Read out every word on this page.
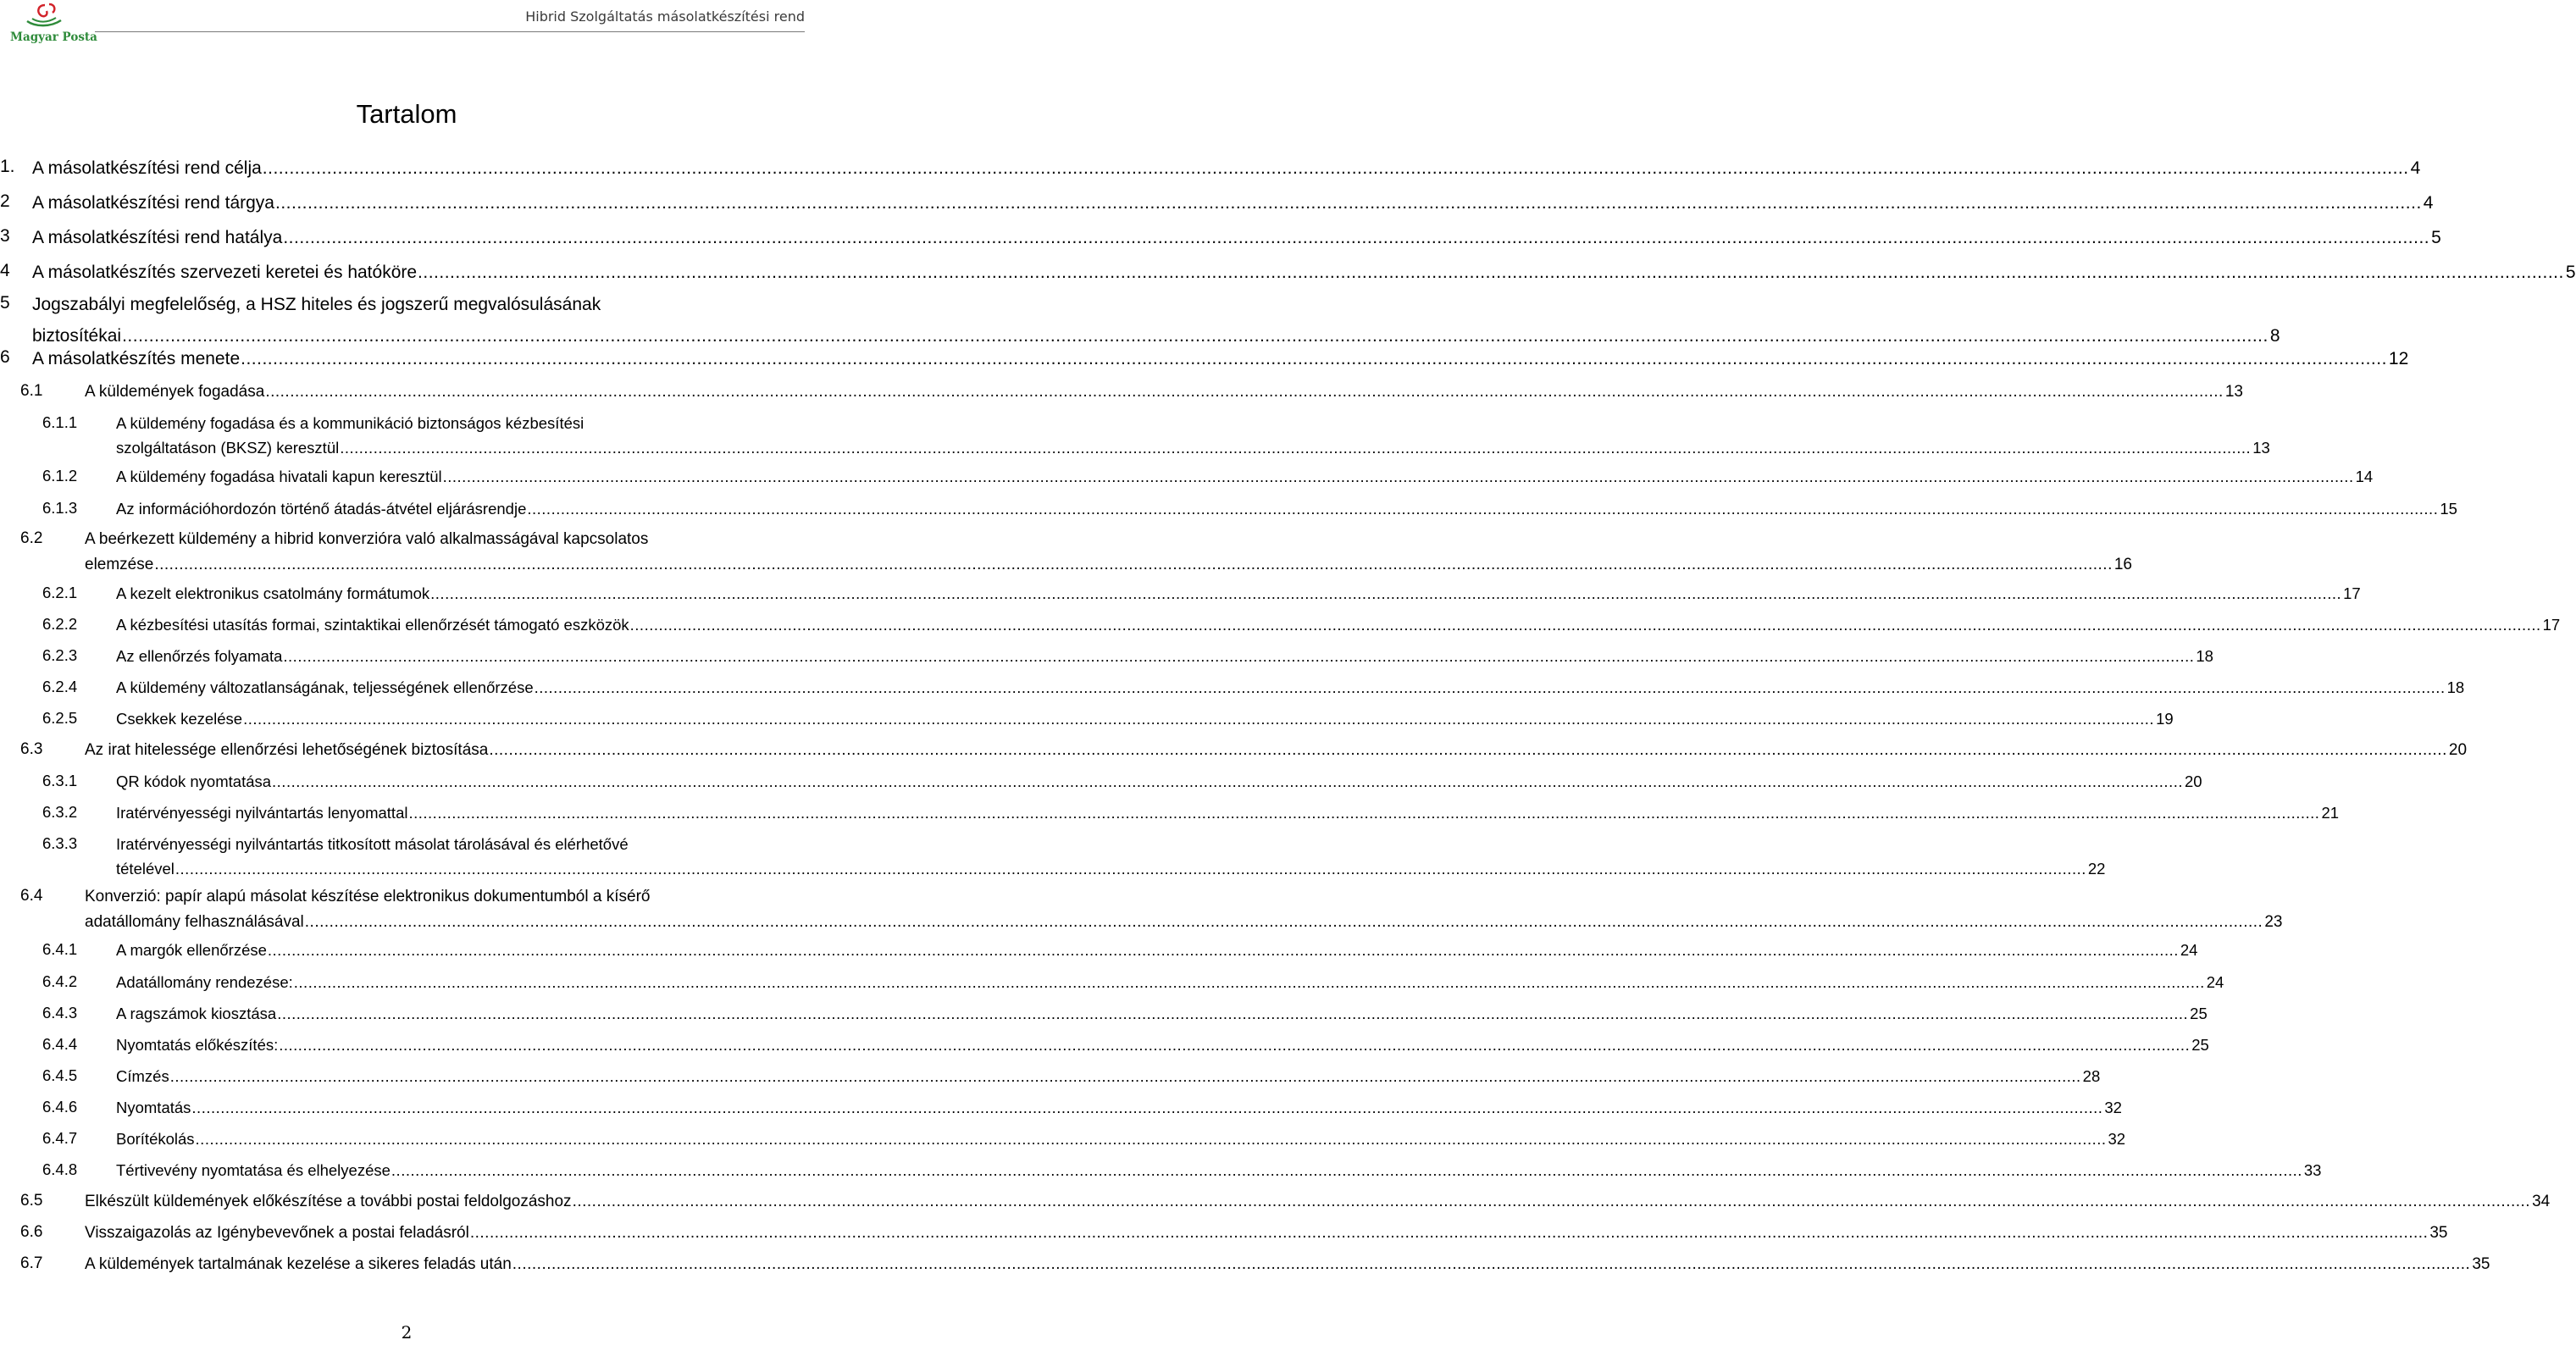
Magyar Posta
Hibrid Szolgáltatás másolatkészítési rend
Tartalom
1. A másolatkészítési rend célja ................................................................................................................................................................................................................................................................................................................................................................................................................ 4
2 A másolatkészítési rend tárgya ................................................................................................................................................................................................................................................................................................................................................................................................................ 4
3 A másolatkészítési rend hatálya ................................................................................................................................................................................................................................................................................................................................................................................................................ 5
4 A másolatkészítés szervezeti keretei és hatóköre ................................................................................................................................................................................................................................................................................................................................................................................................................ 5
5 Jogszabályi megfelelőség, a HSZ hiteles és jogszerű megvalósulásának
biztosítékai ................................................................................................................................................................................................................................................................................................................................................................................................................ 8
6 A másolatkészítés menete ................................................................................................................................................................................................................................................................................................................................................................................................................ 12
6.1	A küldemények fogadása ................................................................................................................................................................................................................................................................................................................................................................................................................ 13
6.1.1 A küldemény fogadása és a kommunikáció biztonságos kézbesítési
szolgáltatáson (BKSZ) keresztül ................................................................................................................................................................................................................................................................................................................................................................................................................ 13
6.1.2 A küldemény fogadása hivatali kapun keresztül ................................................................................................................................................................................................................................................................................................................................................................................................................ 14
6.1.3 Az információhordozón történő átadás-átvétel eljárásrendje ................................................................................................................................................................................................................................................................................................................................................................................................................ 15
6.2	A beérkezett küldemény a hibrid konverzióra való alkalmasságával kapcsolatos
elemzése ................................................................................................................................................................................................................................................................................................................................................................................................................ 16
6.2.1 A kezelt elektronikus csatolmány formátumok ................................................................................................................................................................................................................................................................................................................................................................................................................ 17
6.2.2 A kézbesítési utasítás formai, szintaktikai ellenőrzését támogató eszközök ................................................................................................................................................................................................................................................................................................................................................................................................................ 17
6.2.3 Az ellenőrzés folyamata ................................................................................................................................................................................................................................................................................................................................................................................................................ 18
6.2.4 A küldemény változatlanságának, teljességének ellenőrzése ................................................................................................................................................................................................................................................................................................................................................................................................................ 18
6.2.5 Csekkek kezelése ................................................................................................................................................................................................................................................................................................................................................................................................................ 19
6.3	Az irat hitelessége ellenőrzési lehetőségének biztosítása ................................................................................................................................................................................................................................................................................................................................................................................................................ 20
6.3.1 QR kódok nyomtatása ................................................................................................................................................................................................................................................................................................................................................................................................................ 20
6.3.2 Iratérvényességi nyilvántartás lenyomattal ................................................................................................................................................................................................................................................................................................................................................................................................................ 21
6.3.3 Iratérvényességi nyilvántartás titkosított másolat tárolásával és elérhetővé
tételével ................................................................................................................................................................................................................................................................................................................................................................................................................ 22
6.4	Konverzió: papír alapú másolat készítése elektronikus dokumentumból a kísérő
adatállomány felhasználásával ................................................................................................................................................................................................................................................................................................................................................................................................................ 23
6.4.1 A margók ellenőrzése ................................................................................................................................................................................................................................................................................................................................................................................................................ 24
6.4.2 Adatállomány rendezése: ................................................................................................................................................................................................................................................................................................................................................................................................................ 24
6.4.3 A ragszámok kiosztása ................................................................................................................................................................................................................................................................................................................................................................................................................ 25
6.4.4 Nyomtatás előkészítés: ................................................................................................................................................................................................................................................................................................................................................................................................................ 25
6.4.5 Címzés ................................................................................................................................................................................................................................................................................................................................................................................................................ 28
6.4.6 Nyomtatás ................................................................................................................................................................................................................................................................................................................................................................................................................ 32
6.4.7 Borítékolás ................................................................................................................................................................................................................................................................................................................................................................................................................ 32
6.4.8 Tértivevény nyomtatása és elhelyezése ................................................................................................................................................................................................................................................................................................................................................................................................................ 33
6.5	Elkészült küldemények előkészítése a további postai feldolgozáshoz ................................................................................................................................................................................................................................................................................................................................................................................................................ 34
6.6	Visszaigazolás az Igénybevevőnek a postai feladásról ................................................................................................................................................................................................................................................................................................................................................................................................................ 35
6.7	A küldemények tartalmának kezelése a sikeres feladás után ................................................................................................................................................................................................................................................................................................................................................................................................................ 35
2
